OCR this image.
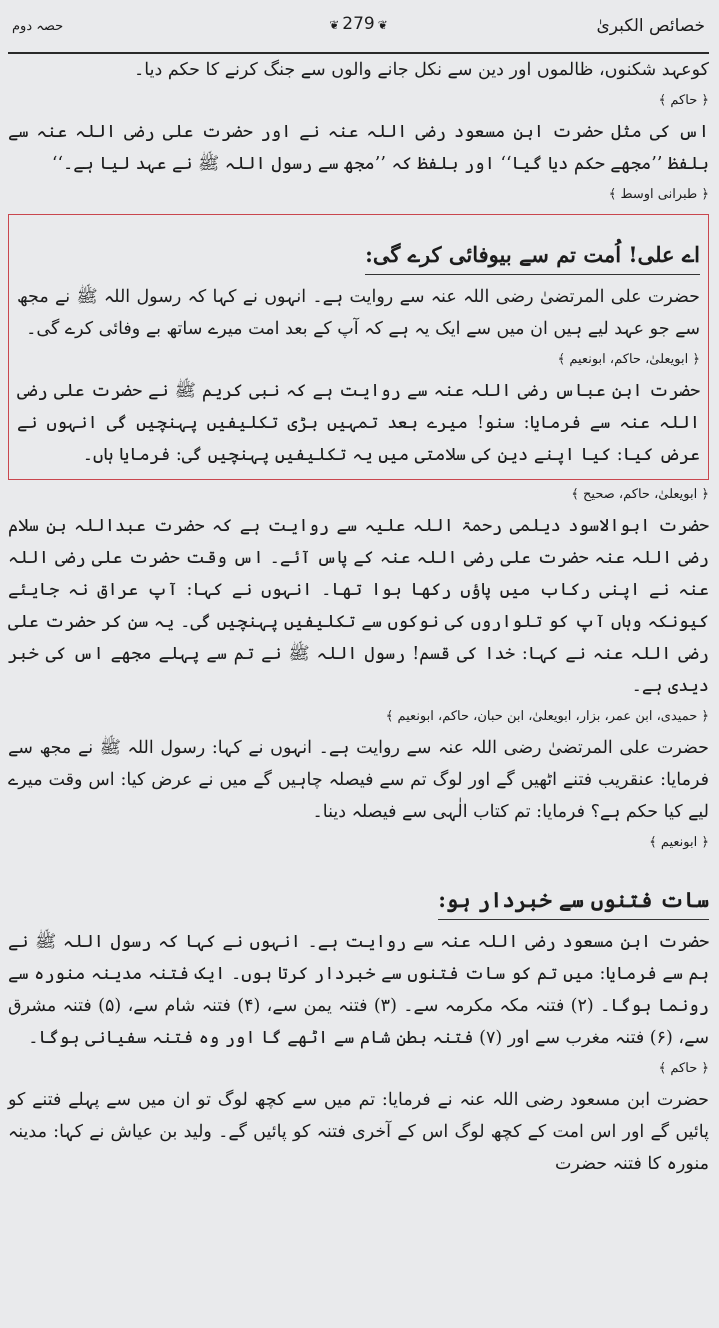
خصائص الکبریٰ
حصہ دوم	❦279❦

کوعہد شکنوں، ظالموں اور دین سے نکل جانے والوں سے جنگ کرنے کا حکم دیا۔

﴿ حاکم ﴾

اس کی مثل حضرت ابن مسعود رضی اللہ عنہ نے اور حضرت علی رضی اللہ عنہ سے بلفظ ’’مجھے حکم دیا گیا‘‘ اور بلفظ کہ ’’مجھ سے رسول اللہ ﷺ نے عہد لیا ہے۔‘‘

﴿ طبرانی اوسط ﴾
اے علی! اُمت تم سے بیوفائی کرے گی:

حضرت علی المرتضیٰ رضی اللہ عنہ سے روایت ہے۔ انہوں نے کہا کہ رسول اللہ ﷺ نے مجھ سے جو عہد لیے ہیں ان میں سے ایک یہ ہے کہ آپ کے بعد امت میرے ساتھ بے وفائی کرے گی۔

﴿ ابویعلیٰ، حاکم، ابونعیم ﴾

حضرت ابن عباس رضی اللہ عنہ سے روایت ہے کہ نبی کریم ﷺ نے حضرت علی رضی اللہ عنہ سے فرمایا: سنو! میرے بعد تمہیں بڑی تکلیفیں پہنچیں گی انہوں نے عرض کیا: کیا اپنے دین کی سلامتی میں یہ تکلیفیں پہنچیں گی: فرمایا ہاں۔

﴿ ابویعلیٰ، حاکم، صحیح ﴾

حضرت ابوالاسود دیلمی رحمۃ اللہ علیہ سے روایت ہے کہ حضرت عبداللہ بن سلام رضی اللہ عنہ حضرت علی رضی اللہ عنہ کے پاس آئے۔ اس وقت حضرت علی رضی اللہ عنہ نے اپنی رکاب میں پاؤں رکھا ہوا تھا۔ انہوں نے کہا: آپ عراق نہ جایئے کیونکہ وہاں آپ کو تلواروں کی نوکوں سے تکلیفیں پہنچیں گی۔ یہ سن کر حضرت علی رضی اللہ عنہ نے کہا: خدا کی قسم! رسول اللہ ﷺ نے تم سے پہلے مجھے اس کی خبر دیدی ہے۔

﴿ حمیدی، ابن عمر، بزار، ابویعلیٰ، ابن حبان، حاکم، ابونعیم ﴾

حضرت علی المرتضیٰ رضی اللہ عنہ سے روایت ہے۔ انہوں نے کہا: رسول اللہ ﷺ نے مجھ سے فرمایا: عنقریب فتنے اٹھیں گے اور لوگ تم سے فیصلہ چاہیں گے میں نے عرض کیا: اس وقت میرے لیے کیا حکم ہے؟ فرمایا: تم کتاب الٰہی سے فیصلہ دینا۔

﴿ ابونعیم ﴾
سات فتنوں سے خبردار ہو:

حضرت ابن مسعود رضی اللہ عنہ سے روایت ہے۔ انہوں نے کہا کہ رسول اللہ ﷺ نے ہم سے فرمایا: میں تم کو سات فتنوں سے خبردار کرتا ہوں۔ ایک فتنہ مدینہ منورہ سے رونما ہوگا۔ (۲) فتنہ مکہ مکرمہ سے۔ (۳) فتنہ یمن سے، (۴) فتنہ شام سے، (۵) فتنہ مشرق سے، (۶) فتنہ مغرب سے اور (۷) فتنہ بطن شام سے اٹھے گا اور وہ فتنہ سفیانی ہوگا۔

﴿ حاکم ﴾

حضرت ابن مسعود رضی اللہ عنہ نے فرمایا: تم میں سے کچھ لوگ تو ان میں سے پہلے فتنے کو پائیں گے اور اس امت کے کچھ لوگ اس کے آخری فتنہ کو پائیں گے۔ ولید بن عیاش نے کہا: مدینہ منورہ کا فتنہ حضرت
